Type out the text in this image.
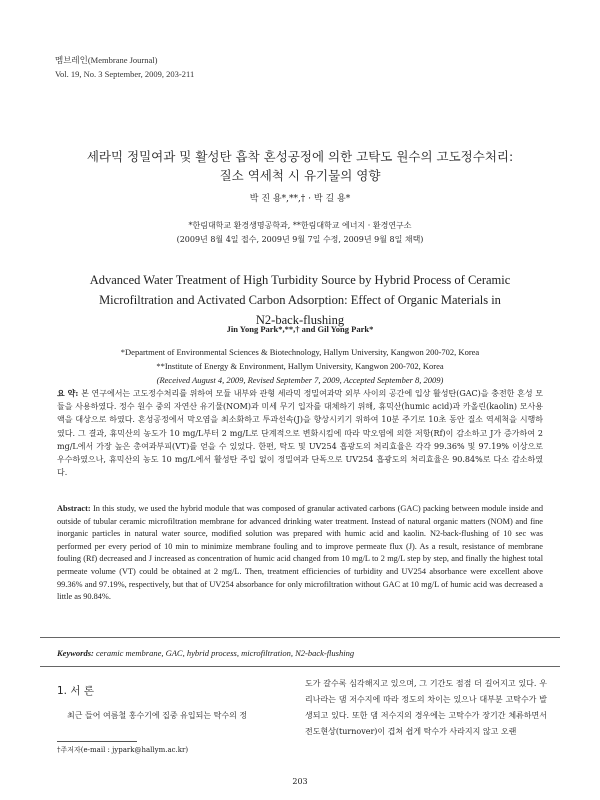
멤브레인(Membrane Journal)
Vol. 19, No. 3 September, 2009, 203-211
세라믹 정밀여과 및 활성탄 흡착 혼성공정에 의한 고탁도 원수의 고도정수처리:
질소 역세척 시 유기물의 영향
박 진 용*,**,† · 박 길 용*
*한림대학교 환경생명공학과, **한림대학교 에너지 · 환경연구소
(2009년 8월 4일 접수, 2009년 9월 7일 수정, 2009년 9월 8일 채택)
Advanced Water Treatment of High Turbidity Source by Hybrid Process of Ceramic
Microfiltration and Activated Carbon Adsorption: Effect of Organic Materials in
N2-back-flushing
Jin Yong Park*,**,† and Gil Yong Park*
*Department of Environmental Sciences & Biotechnology, Hallym University, Kangwon 200-702, Korea
**Institute of Energy & Environment, Hallym University, Kangwon 200-702, Korea
(Received August 4, 2009, Revised September 7, 2009, Accepted September 8, 2009)
요 약: 본 연구에서는 고도정수처리를 위하여 모듈 내부와 관형 세라믹 정밀여과막 외부 사이의 공간에 입상 활성탄(GAC)을 충전한 혼성 모듈을 사용하였다. 정수 원수 중의 자연산 유기물(NOM)과 미세 무기 입자를 대체하기 위해, 휴믹산(humic acid)과 카올린(kaolin) 모사용액을 대상으로 하였다. 혼성공정에서 막오염을 최소화하고 투과선속(J)을 향상시키기 위하여 10분 주기로 10초 동안 질소 역세척을 시행하였다. 그 결과, 휴믹산의 농도가 10 mg/L부터 2 mg/L로 단계적으로 변화시킴에 따라 막오염에 의한 저항(Rf)이 감소하고 J가 증가하여 2 mg/L에서 가장 높은 총여과부피(VT)를 얻을 수 있었다. 한편, 탁도 및 UV254 흡광도의 처리효율은 각각 99.36% 및 97.19% 이상으로 우수하였으나, 휴믹산의 농도 10 mg/L에서 활성탄 주입 없이 정밀여과 단독으로 UV254 흡광도의 처리효율은 90.84%로 다소 감소하였다.
Abstract: In this study, we used the hybrid module that was composed of granular activated carbons (GAC) packing between module inside and outside of tubular ceramic microfiltration membrane for advanced drinking water treatment. Instead of natural organic matters (NOM) and fine inorganic particles in natural water source, modified solution was prepared with humic acid and kaolin. N2-back-flushing of 10 sec was performed per every period of 10 min to minimize membrane fouling and to improve permeate flux (J). As a result, resistance of membrane fouling (Rf) decreased and J increased as concentration of humic acid changed from 10 mg/L to 2 mg/L step by step, and finally the highest total permeate volume (VT) could be obtained at 2 mg/L. Then, treatment efficiencies of turbidity and UV254 absorbance were excellent above 99.36% and 97.19%, respectively, but that of UV254 absorbance for only microfiltration without GAC at 10 mg/L of humic acid was decreased a little as 90.84%.
Keywords: ceramic membrane, GAC, hybrid process, microfiltration, N2-back-flushing
1. 서 론
최근 들어 여름철 홍수기에 집중 유입되는 탁수의 정
†주저자(e-mail : jypark@hallym.ac.kr)
도가 갈수록 심각해지고 있으며, 그 기간도 점점 더 길어지고 있다. 우리나라는 댐 저수지에 따라 정도의 차이는 있으나 대부분 고탁수가 발생되고 있다. 또한 댐 저수지의 경우에는 고탁수가 장기간 체류하면서 전도현상(turnover)이 겹쳐 쉽게 탁수가 사라지지 않고 오랜
203
